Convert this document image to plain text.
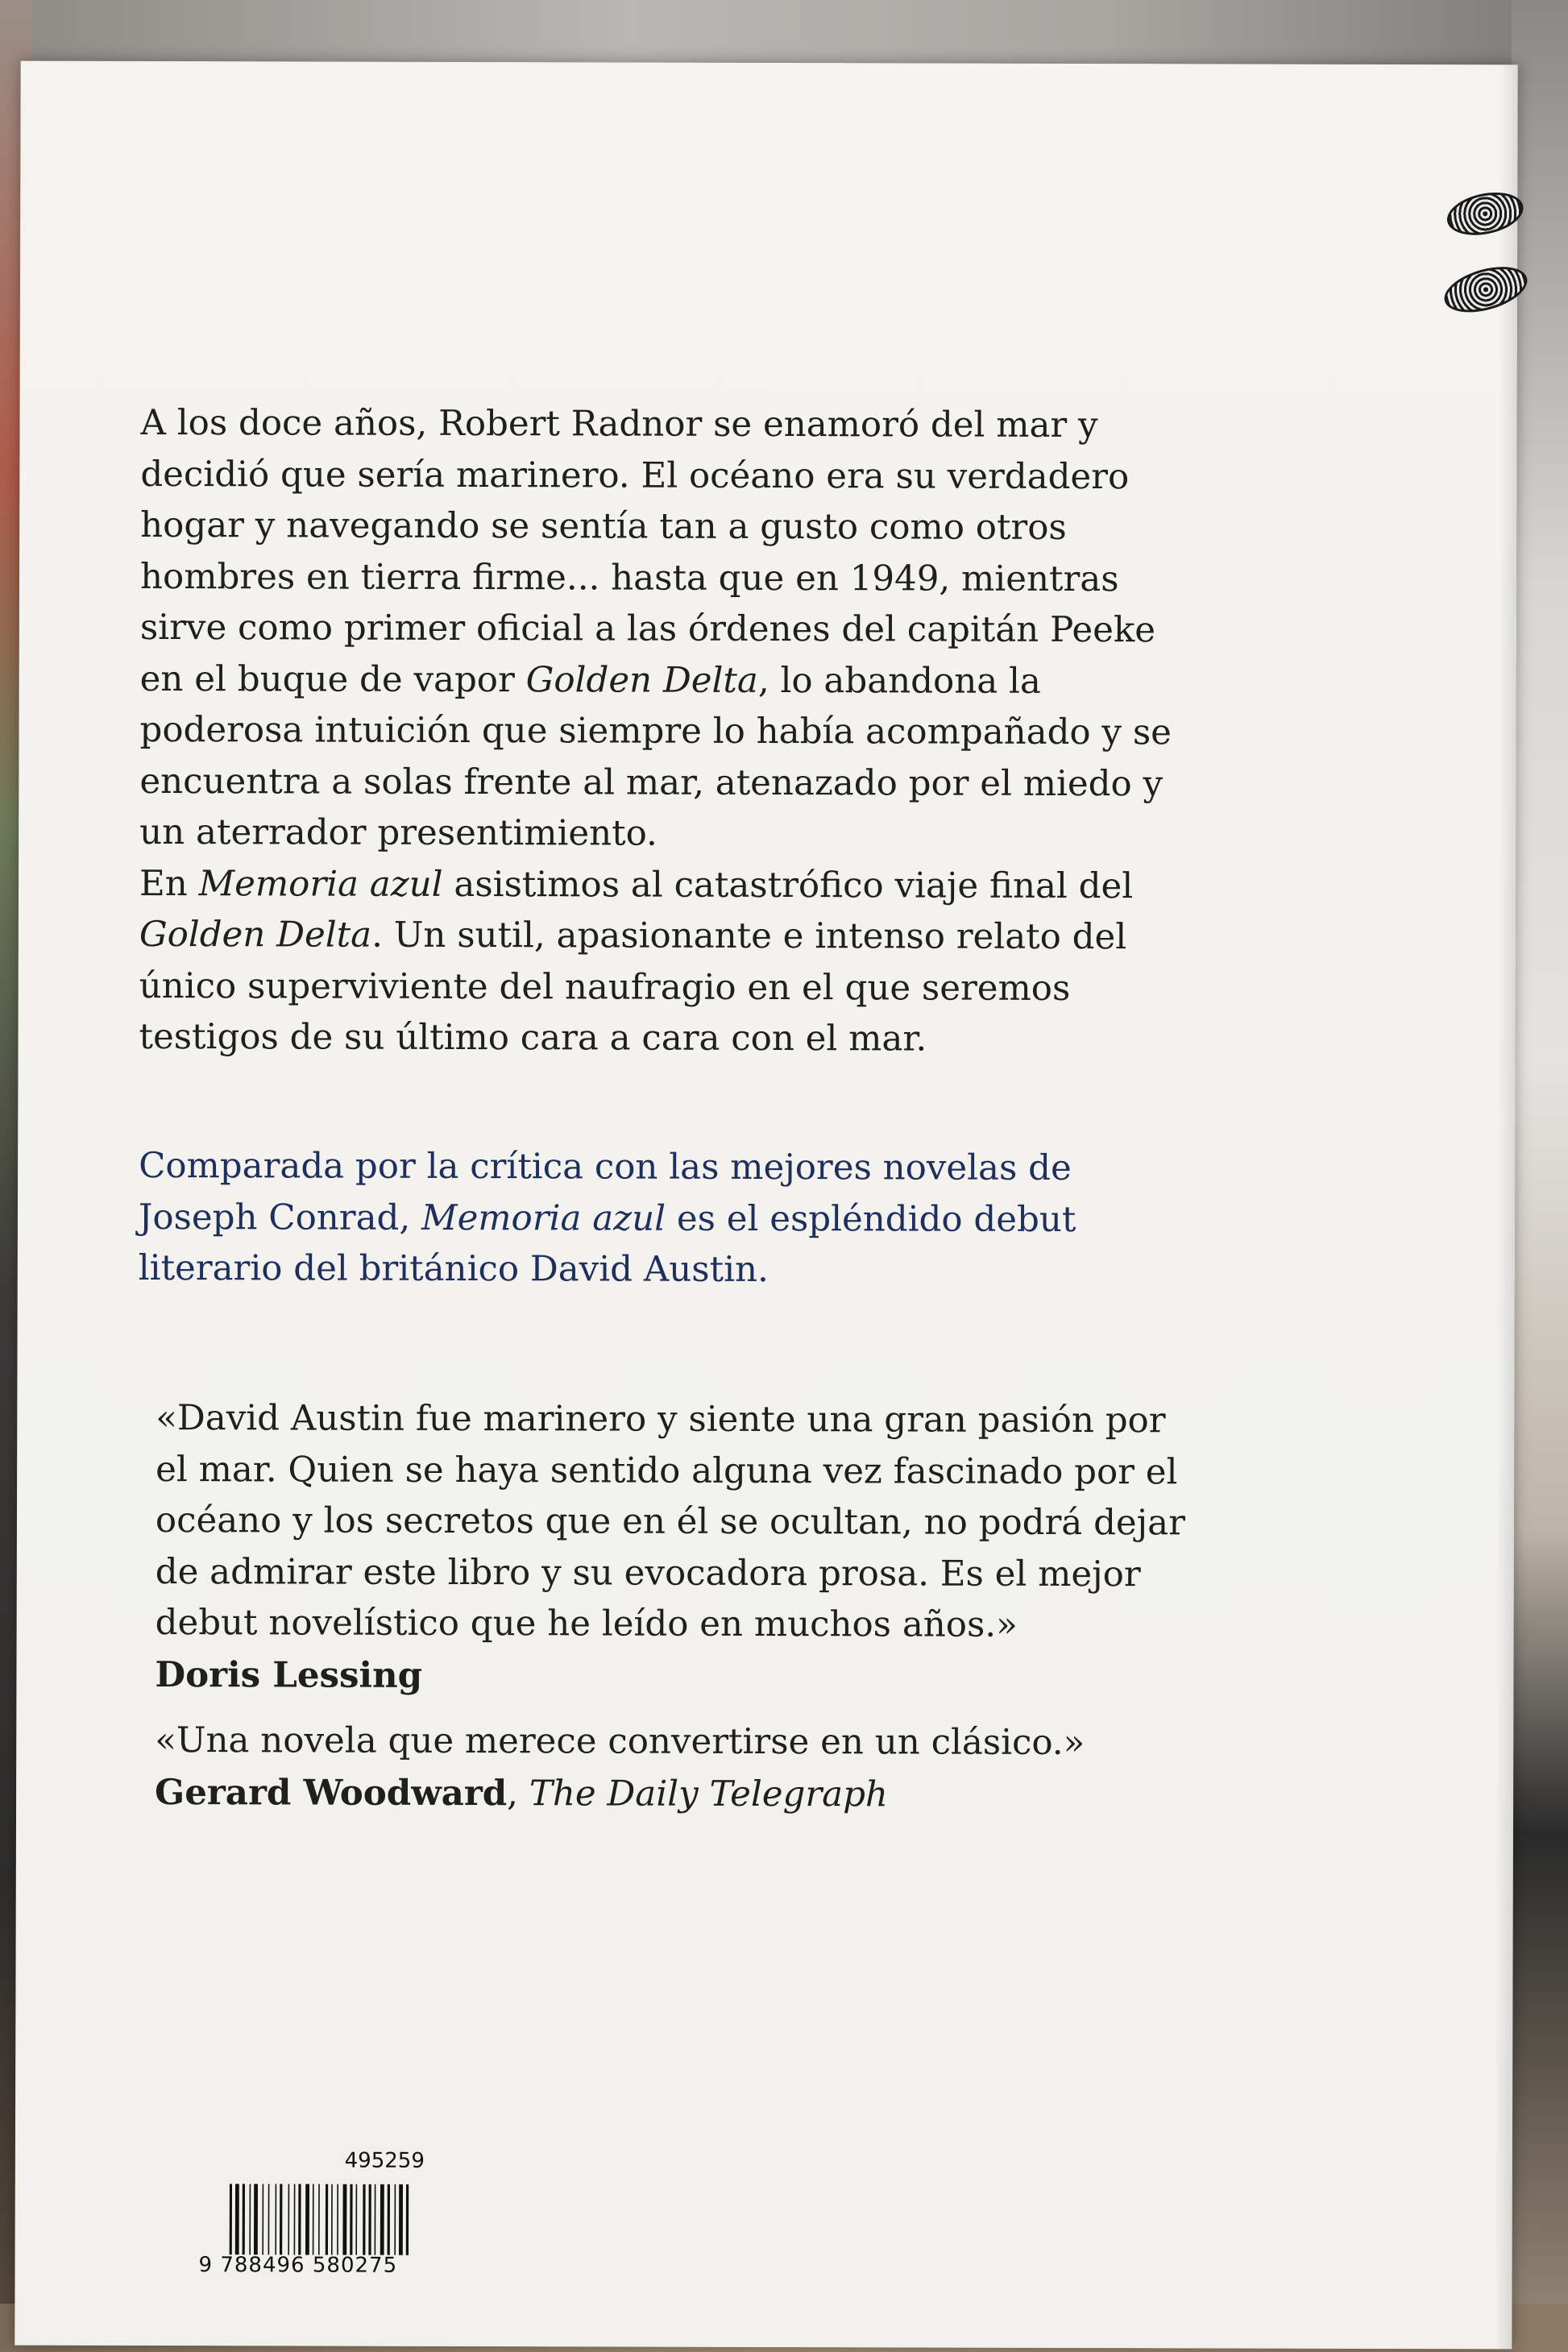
A los doce años, Robert Radnor se enamoró del mar y

decidió que sería marinero. El océano era su verdadero

hogar y navegando se sentía tan a gusto como otros

hombres en tierra firme... hasta que en 1949, mientras

sirve como primer oficial a las órdenes del capitán Peeke

en el buque de vapor Golden Delta, lo abandona la

poderosa intuición que siempre lo había acompañado y se

encuentra a solas frente al mar, atenazado por el miedo y

un aterrador presentimiento.

En Memoria azul asistimos al catastrófico viaje final del

Golden Delta. Un sutil, apasionante e intenso relato del

único superviviente del naufragio en el que seremos

testigos de su último cara a cara con el mar.

Comparada por la crítica con las mejores novelas de

Joseph Conrad, Memoria azul es el espléndido debut

literario del británico David Austin.

«David Austin fue marinero y siente una gran pasión por

el mar. Quien se haya sentido alguna vez fascinado por el

océano y los secretos que en él se ocultan, no podrá dejar

de admirar este libro y su evocadora prosa. Es el mejor

debut novelístico que he leído en muchos años.»

Doris Lessing

«Una novela que merece convertirse en un clásico.»

Gerard Woodward, The Daily Telegraph

495259
9 788496 580275
